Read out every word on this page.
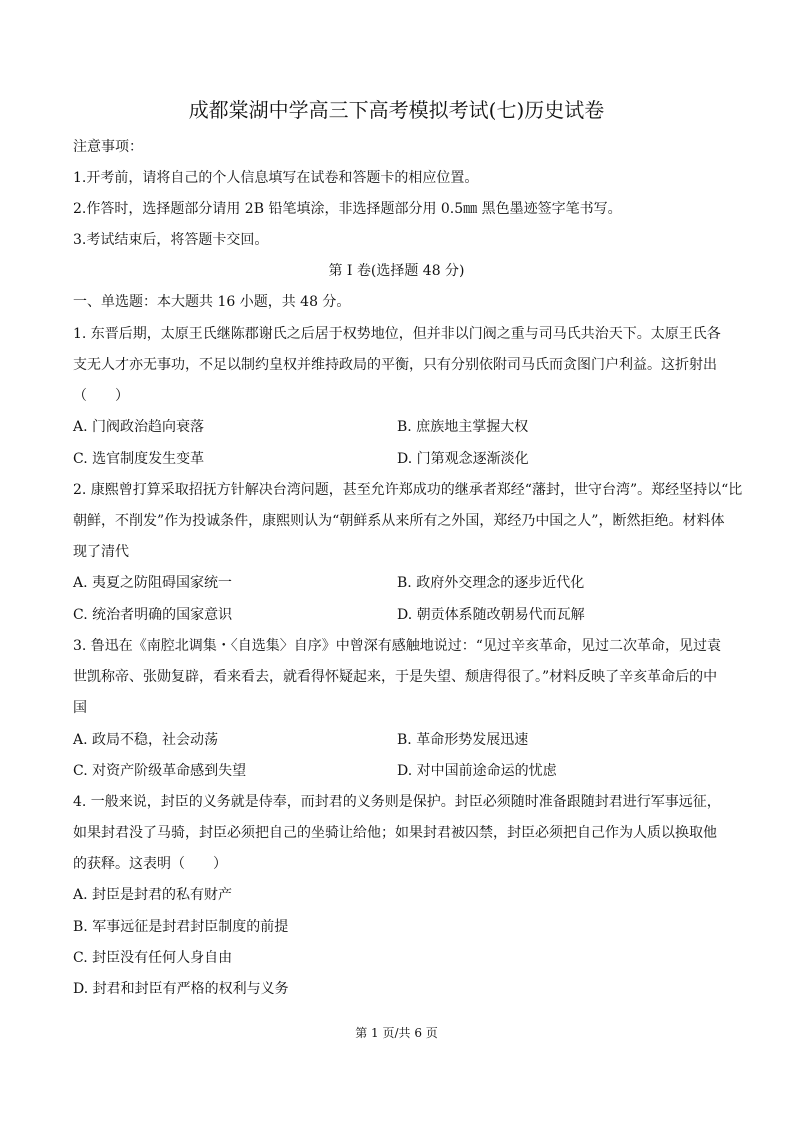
成都棠湖中学高三下高考模拟考试(七)历史试卷
注意事项：
1.开考前，请将自己的个人信息填写在试卷和答题卡的相应位置。
2.作答时，选择题部分请用 2B 铅笔填涂，非选择题部分用 0.5㎜ 黑色墨迹签字笔书写。
3.考试结束后，将答题卡交回。
第 I 卷(选择题 48 分)
一、单选题：本大题共 16 小题，共 48 分。
1. 东晋后期，太原王氏继陈郡谢氏之后居于权势地位，但并非以门阀之重与司马氏共治天下。太原王氏各
支无人才亦无事功，不足以制约皇权并维持政局的平衡，只有分别依附司马氏而贪图门户利益。这折射出
（　　）
A. 门阀政治趋向衰落	B. 庶族地主掌握大权
C. 选官制度发生变革	D. 门第观念逐渐淡化
2. 康熙曾打算采取招抚方针解决台湾问题，甚至允许郑成功的继承者郑经“藩封，世守台湾”。郑经坚持以“比
朝鲜，不削发”作为投诚条件，康熙则认为“朝鲜系从来所有之外国，郑经乃中国之人”，断然拒绝。材料体
现了清代
A. 夷夏之防阻碍国家统一	B. 政府外交理念的逐步近代化
C. 统治者明确的国家意识	D. 朝贡体系随改朝易代而瓦解
3. 鲁迅在《南腔北调集・〈自选集〉自序》中曾深有感触地说过：“见过辛亥革命，见过二次革命，见过袁
世凯称帝、张勋复辟，看来看去，就看得怀疑起来，于是失望、颓唐得很了。”材料反映了辛亥革命后的中
国
A. 政局不稳，社会动荡	B. 革命形势发展迅速
C. 对资产阶级革命感到失望	D. 对中国前途命运的忧虑
4. 一般来说，封臣的义务就是侍奉，而封君的义务则是保护。封臣必须随时准备跟随封君进行军事远征，
如果封君没了马骑，封臣必须把自己的坐骑让给他；如果封君被囚禁，封臣必须把自己作为人质以换取他
的获释。这表明（　　）
A. 封臣是封君的私有财产
B. 军事远征是封君封臣制度的前提
C. 封臣没有任何人身自由
D. 封君和封臣有严格的权利与义务
第 1 页/共 6 页
